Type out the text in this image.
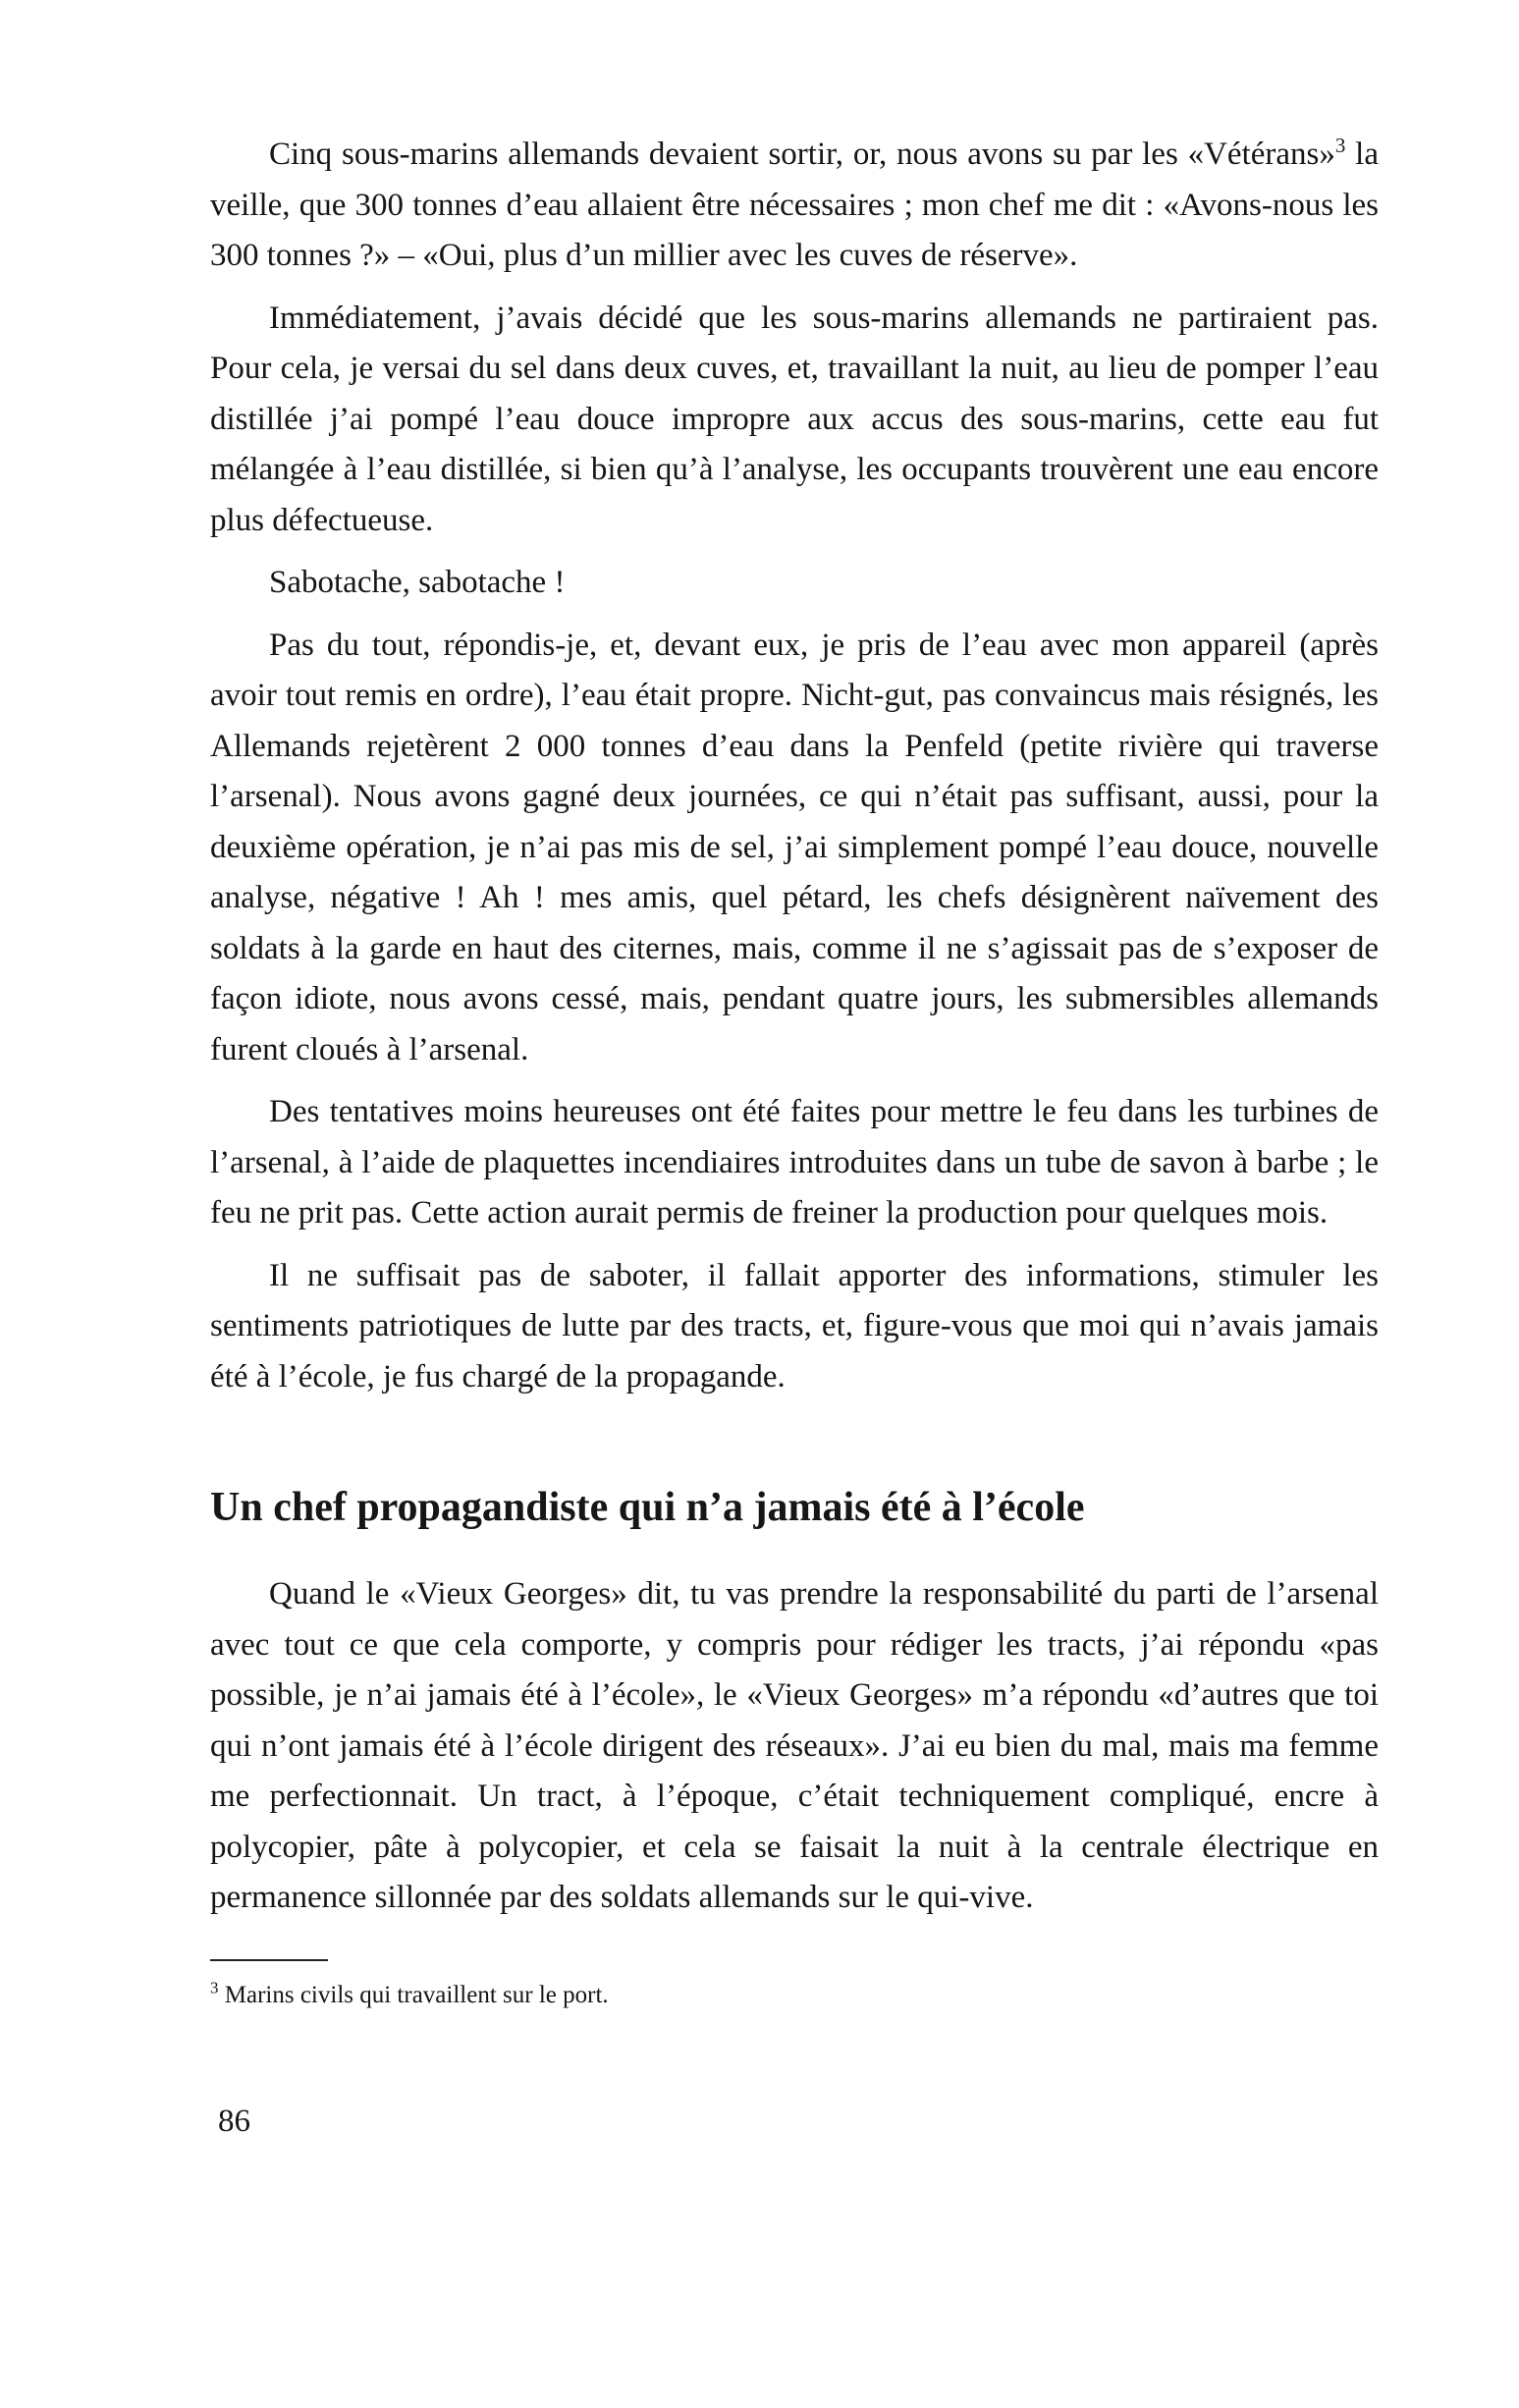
Cinq sous-marins allemands devaient sortir, or, nous avons su par les «Vétérans»$^3$ la veille, que 300 tonnes d’eau allaient être nécessaires ; mon chef me dit : «Avons-nous les 300 tonnes ?» – «Oui, plus d’un millier avec les cuves de réserve».

Immédiatement, j’avais décidé que les sous-marins allemands ne partiraient pas. Pour cela, je versai du sel dans deux cuves, et, travaillant la nuit, au lieu de pomper l’eau distillée j’ai pompé l’eau douce impropre aux accus des sous-marins, cette eau fut mélangée à l’eau distillée, si bien qu’à l’analyse, les occupants trouvèrent une eau encore plus défectueuse.

Sabotache, sabotache !

Pas du tout, répondis-je, et, devant eux, je pris de l’eau avec mon appareil (après avoir tout remis en ordre), l’eau était propre. Nicht-gut, pas convaincus mais résignés, les Allemands rejetèrent 2 000 tonnes d’eau dans la Penfeld (petite rivière qui traverse l’arsenal). Nous avons gagné deux journées, ce qui n’était pas suffisant, aussi, pour la deuxième opération, je n’ai pas mis de sel, j’ai simplement pompé l’eau douce, nouvelle analyse, négative ! Ah ! mes amis, quel pétard, les chefs désignèrent naïvement des soldats à la garde en haut des citernes, mais, comme il ne s’agissait pas de s’exposer de façon idiote, nous avons cessé, mais, pendant quatre jours, les submersibles allemands furent cloués à l’arsenal.

Des tentatives moins heureuses ont été faites pour mettre le feu dans les turbines de l’arsenal, à l’aide de plaquettes incendiaires introduites dans un tube de savon à barbe ; le feu ne prit pas. Cette action aurait permis de freiner la production pour quelques mois.

Il ne suffisait pas de saboter, il fallait apporter des informations, stimuler les sentiments patriotiques de lutte par des tracts, et, figure-vous que moi qui n’avais jamais été à l’école, je fus chargé de la propagande.

Un chef propagandiste qui n’a jamais été à l’école

Quand le «Vieux Georges» dit, tu vas prendre la responsabilité du parti de l’arsenal avec tout ce que cela comporte, y compris pour rédiger les tracts, j’ai répondu «pas possible, je n’ai jamais été à l’école», le «Vieux Georges» m’a répondu «d’autres que toi qui n’ont jamais été à l’école dirigent des réseaux». J’ai eu bien du mal, mais ma femme me perfectionnait. Un tract, à l’époque, c’était techniquement compliqué, encre à polycopier, pâte à polycopier, et cela se faisait la nuit à la centrale électrique en permanence sillonnée par des soldats allemands sur le qui-vive.

$^3$ Marins civils qui travaillent sur le port.

86
